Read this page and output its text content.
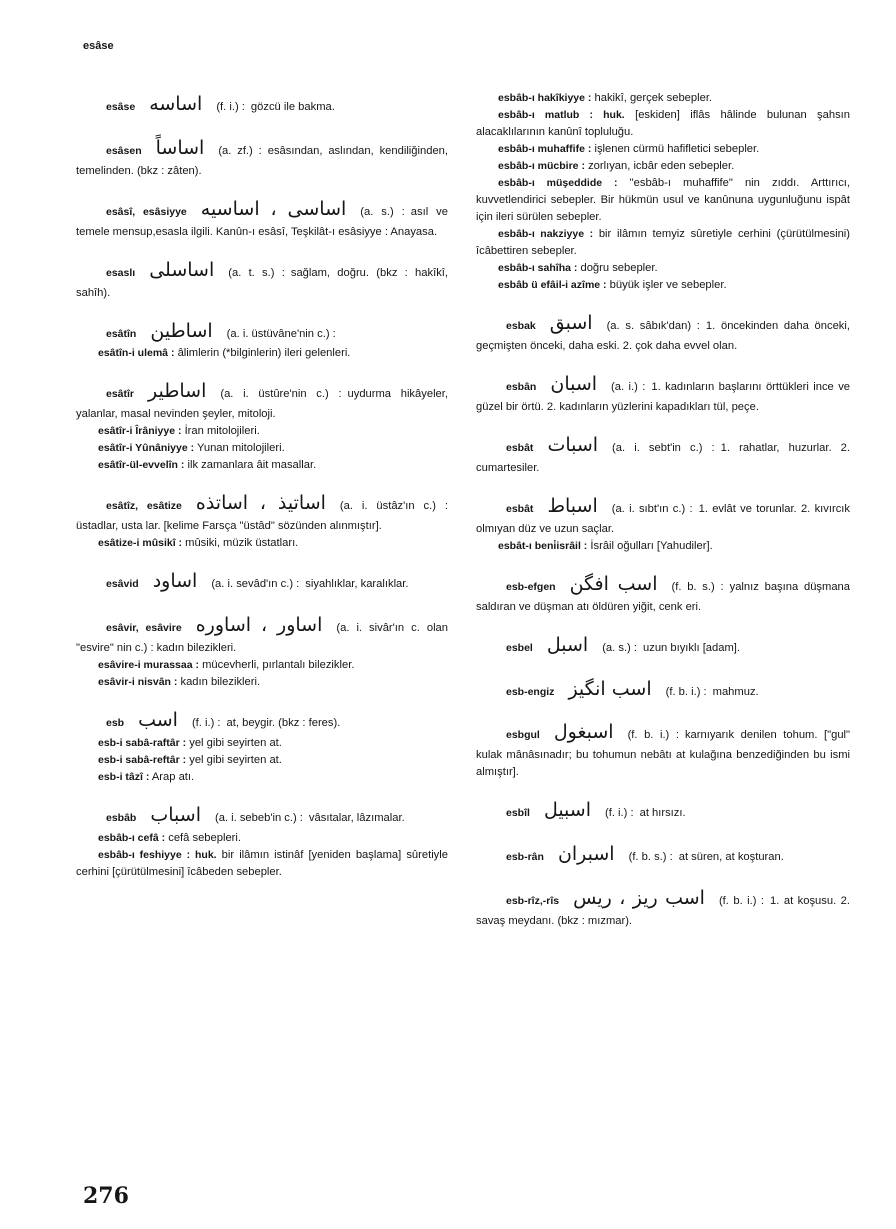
esâse

esâse اساسه (f. i.) : gözcü ile bakma.

esâsen اساساً (a. zf.) : esâsından, aslından, kendiliğinden, temelinden. (bkz : zâten).

esâsî, esâsiyye اساسى ، اساسيه (a. s.) : asıl ve temele mensup,esasla ilgili. Kanûn-ı esâsî, Teşkilât-ı esâsiyye : Anayasa.

esaslı اساسلى (a. t. s.) : sağlam, doğru. (bkz : hakîkî, sahîh).

esâtîn اساطين (a. i. üstüvâne'nin c.) :

esâtîn-i ulemâ : âlimlerin (*bilginlerin) ileri gelenleri.

esâtîr اساطير (a. i. üstûre'nin c.) : uydurma hikâyeler, yalanlar, masal nevinden şeyler, mitoloji.

esâtîr-i Îrâniyye : İran mitolojileri.

esâtîr-i Yûnâniyye : Yunan mitolojileri.

esâtîr-ül-evvelîn : ilk zamanlara âit masallar.

esâtîz, esâtize اساتيذ ، اساتذه (a. i. üstâz'ın c.) : üstadlar, usta lar. [kelime Farsça "üstâd" sözünden alınmıştır].

esâtize-i mûsikî : mûsiki, müzik üstatları.

esâvid اساود (a. i. sevâd'ın c.) : siyahlıklar, karalıklar.

esâvir, esâvire اساور ، اساوره (a. i. sivâr'ın c. olan "esvire" nin c.) : kadın bilezikleri.

esâvire-i murassaa : mücevherli, pırlantalı bilezikler.

esâvir-i nisvân : kadın bilezikleri.

esb اسب (f. i.) : at, beygir. (bkz : feres).

esb-i sabâ-raftâr : yel gibi seyirten at.

esb-i sabâ-reftâr : yel gibi seyirten at.

esb-i tâzî : Arap atı.

esbâb اسباب (a. i. sebeb'in c.) : vâsıtalar, lâzımalar.

esbâb-ı cefâ : cefâ sebepleri.

esbâb-ı feshiyye : huk. bir ilâmın istinâf [yeniden başlama] sûretiyle cerhini [çürütülmesini] îcâbeden sebepler.

esbâb-ı hakîkiyye : hakikî, gerçek sebepler.

esbâb-ı matlub : huk. [eskiden] iflâs hâlinde bulunan şahsın alacaklılarının kanûnî topluluğu.

esbâb-ı muhaffife : işlenen cürmü hafifletici sebepler.

esbâb-ı mücbire : zorlıyan, icbâr eden sebepler.

esbâb-ı müşeddide : "esbâb-ı muhaffife" nin zıddı. Arttırıcı, kuvvetlendirici sebepler. Bir hükmün usul ve kanûnuna uygunluğunu ispât için ileri sürülen sebepler.

esbâb-ı nakziyye : bir ilâmın temyiz sûretiyle cerhini (çürütülmesini) îcâbettiren sebepler.

esbâb-ı sahîha : doğru sebepler.

esbâb ü efâil-i azîme : büyük işler ve sebepler.

esbak اسبق (a. s. sâbık'dan) : 1. öncekinden daha önceki, geçmişten önceki, daha eski. 2. çok daha evvel olan.

esbân اسبان (a. i.) : 1. kadınların başlarını örttükleri ince ve güzel bir örtü. 2. kadınların yüzlerini kapadıkları tül, peçe.

esbât اسبات (a. i. sebt'in c.) : 1. rahatlar, huzurlar. 2. cumartesiler.

esbât اسباط (a. i. sıbt'ın c.) : 1. evlât ve torunlar. 2. kıvırcık olmıyan düz ve uzun saçlar.

esbât-ı beni̇isrâil : İsrâil oğulları [Yahudiler].

esb-efgen اسب افگن (f. b. s.) : yalnız başına düşmana saldıran ve düşman atı öldüren yiğit, cenk eri.

esbel اسبل (a. s.) : uzun bıyıklı [adam].

esb-engiz اسب انگيز (f. b. i.) : mahmuz.

esbgul اسبغول (f. b. i.) : karnıyarık denilen tohum. ["gul" kulak mânâsınadır; bu tohumun nebâtı at kulağına benzediğinden bu ismi almıştır].

esbîl اسبيل (f. i.) : at hırsızı.

esb-rân اسبران (f. b. s.) : at süren, at koşturan.

esb-rîz,-rîs اسب ريز ، ريس (f. b. i.) : 1. at koşusu. 2. savaş meydanı. (bkz : mızmar).

276
